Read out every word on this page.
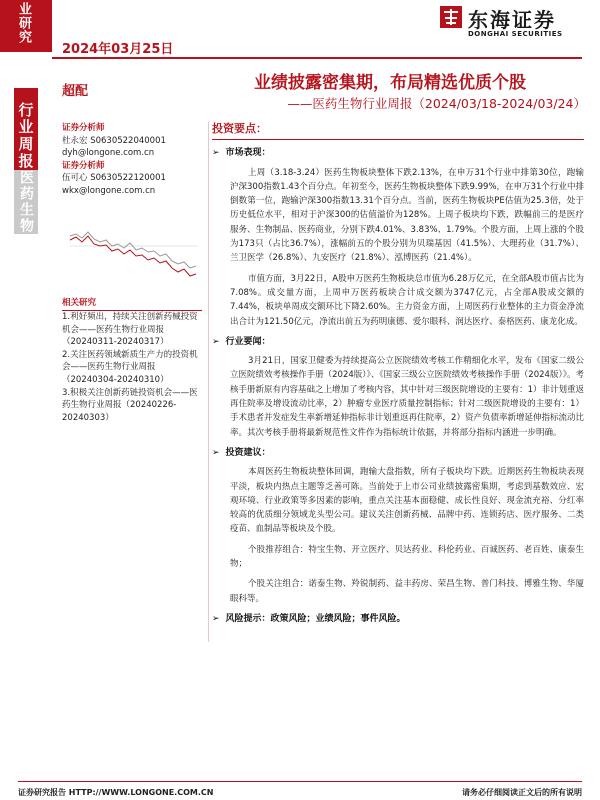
业研究
行业周报
医药生物
2024年03月25日
东海证券
DONGHAI SECURITIES
超配	业绩披露密集期，布局精选优质个股
——医药生物行业周报（2024/03/18-2024/03/24）
证券分析师
杜永宏 S0630522040001
dyh@longone.com.cn
证券分析师
伍可心 S0630522120001
wkx@longone.com.cn
相关研究
1.利好频出，持续关注创新药械投资机会——医药生物行业周报（20240311-20240317）
2.关注医药领域新质生产力的投资机会——医药生物行业周报（20240304-20240310）
3.积极关注创新药链投资机会——医药生物行业周报（20240226-20240303）
投资要点：
➢ 市场表现：
上周（3.18-3.24）医药生物板块整体下跌2.13%，在申万31个行业中排第30位，跑输沪深300指数1.43个百分点。年初至今，医药生物板块整体下跌9.99%，在申万31个行业中排倒数第一位，跑输沪深300指数13.31个百分点。当前，医药生物板块PE估值为25.3倍，处于历史低位水平，相对于沪深300的估值溢价为128%。上周子板块均下跌，跌幅前三的是医疗服务、生物制品、医药商业，分别下跌4.01%、3.83%、1.79%。个股方面，上周上涨的个股为173只（占比36.7%），涨幅前五的个股分别为贝瑞基因（41.5%）、大理药业（31.7%）、兰卫医学（26.8%）、九安医疗（21.8%）、泓博医药（21.4%）。
市值方面，3月22日，A股申万医药生物板块总市值为6.28万亿元，在全部A股市值占比为7.08%。成交量方面，上周申万医药板块合计成交额为3747亿元，占全部A股成交额的7.44%，板块单周成交额环比下降2.60%。主力资金方面，上周医药行业整体的主力资金净流出合计为121.50亿元，净流出前五为药明康德、爱尔眼科、润达医疗、泰格医药、康龙化成。
➢ 行业要闻：
3月21日，国家卫健委为持续提高公立医院绩效考核工作精细化水平，发布《国家二级公立医院绩效考核操作手册（2024版）》、《国家三级公立医院绩效考核操作手册（2024版）》。考核手册新原有内容基础之上增加了考核内容，其中针对三级医院增设的主要有：1）非计划重返再住院率及增设流动比率，2）肿瘤专业医疗质量控制指标；针对二级医院增设的主要有：1）手术患者并发症发生率新增延伸指标非计划重返再住院率，2）资产负债率新增延伸指标流动比率。其次考核手册将最新规范性文件作为指标统计依据，并将部分指标内涵进一步明确。
➢ 投资建议：
本周医药生物板块整体回调，跑输大盘指数，所有子板块均下跌。近期医药生物板块表现平淡，板块内热点主题等乏善可陈。当前处于上市公司业绩披露密集期，考虑到基数效应、宏观环境、行业政策等多因素的影响，重点关注基本面稳健、成长性良好、现金流充裕、分红率较高的优质细分领域龙头型公司。建议关注创新药械、品牌中药、连锁药店、医疗服务、二类疫苗、血制品等板块及个股。
个股推荐组合：特宝生物、开立医疗、贝达药业、科伦药业、百诚医药、老百姓、康泰生物；
个股关注组合：诺泰生物、羚锐制药、益丰药房、荣昌生物、普门科技、博雅生物、华厦眼科等。
➢ 风险提示：政策风险；业绩风险；事件风险。
证券研究报告 HTTP://WWW.LONGONE.COM.CN	请务必仔细阅读正文后的所有说明
